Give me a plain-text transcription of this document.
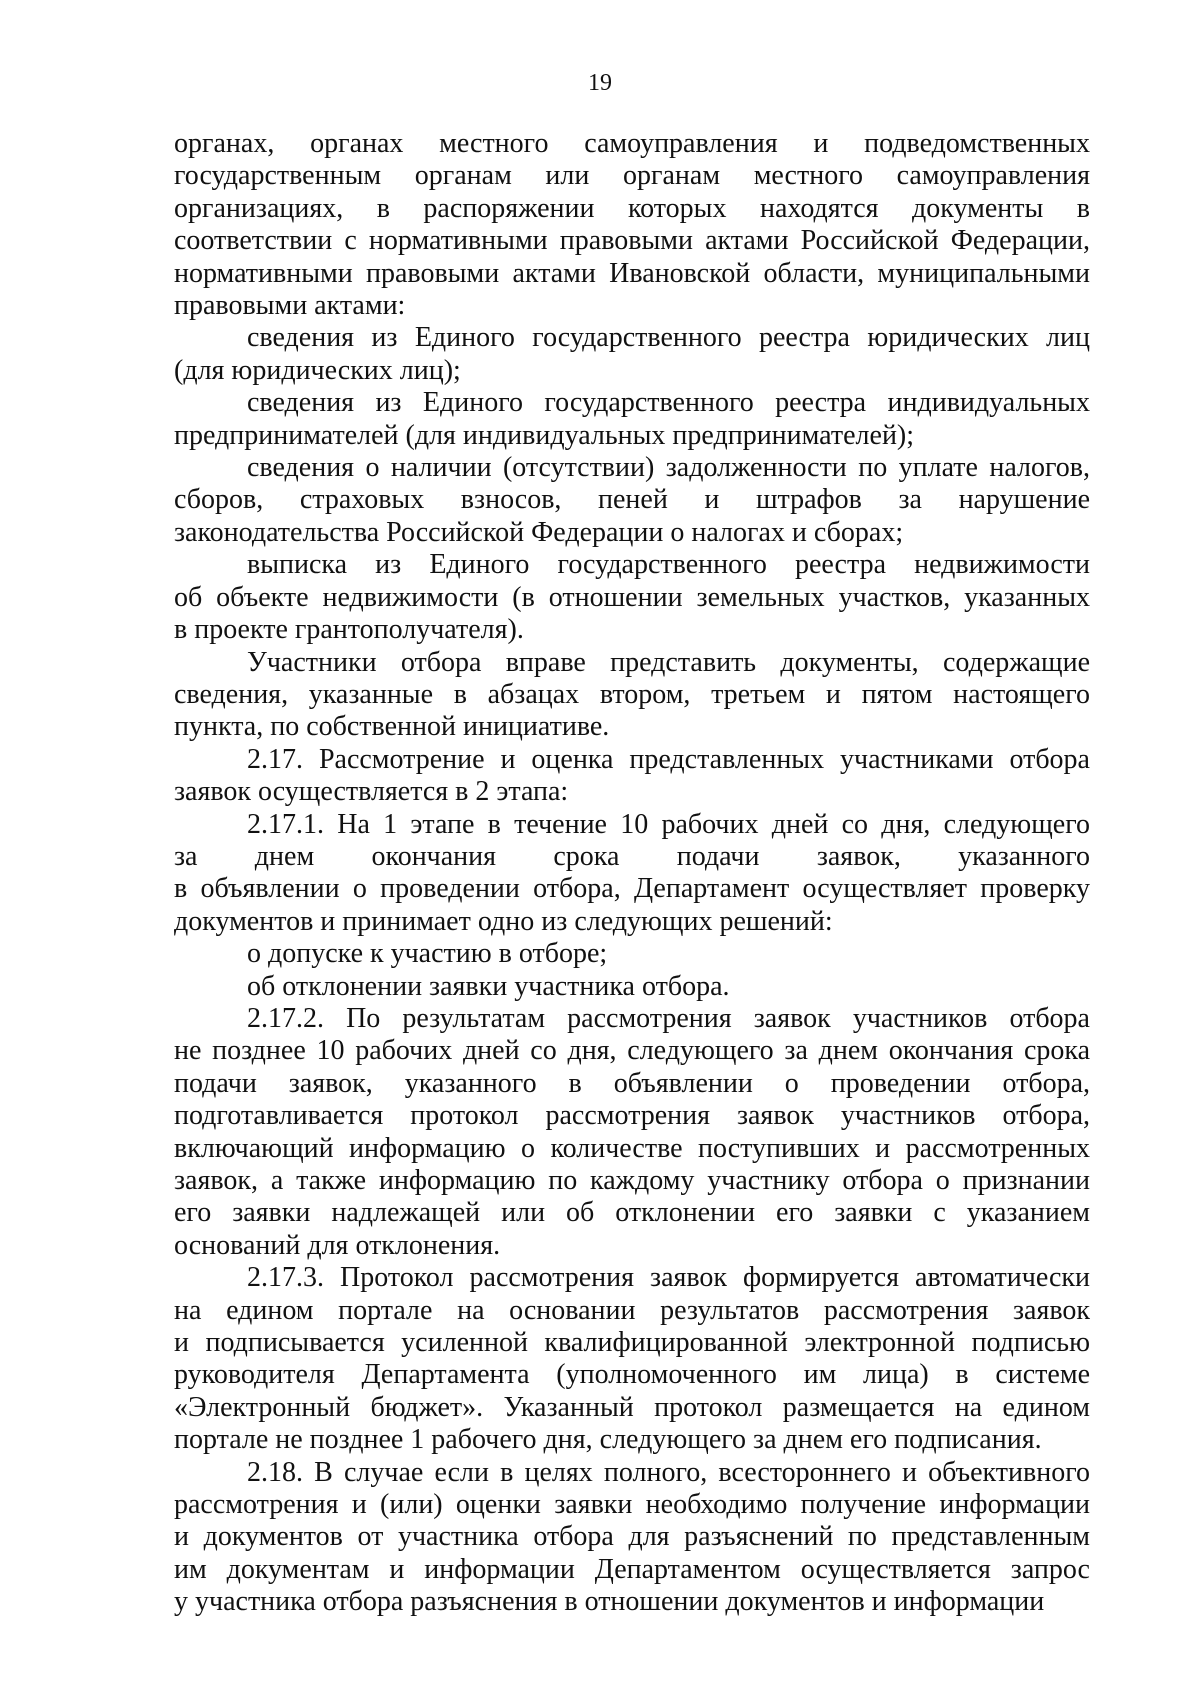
19
органах, органах местного самоуправления и подведомственных
государственным органам или органам местного самоуправления
организациях, в распоряжении которых находятся документы в
соответствии с нормативными правовыми актами Российской Федерации,
нормативными правовыми актами Ивановской области, муниципальными
правовыми актами:
сведения из Единого государственного реестра юридических лиц
(для юридических лиц);
сведения из Единого государственного реестра индивидуальных
предпринимателей (для индивидуальных предпринимателей);
сведения о наличии (отсутствии) задолженности по уплате налогов,
сборов, страховых взносов, пеней и штрафов за нарушение
законодательства Российской Федерации о налогах и сборах;
выписка из Единого государственного реестра недвижимости
об объекте недвижимости (в отношении земельных участков, указанных
в проекте грантополучателя).
Участники отбора вправе представить документы, содержащие
сведения, указанные в абзацах втором, третьем и пятом настоящего
пункта, по собственной инициативе.
2.17. Рассмотрение и оценка представленных участниками отбора
заявок осуществляется в 2 этапа:
2.17.1. На 1 этапе в течение 10 рабочих дней со дня, следующего
за днем окончания срока подачи заявок, указанного
в объявлении о проведении отбора, Департамент осуществляет проверку
документов и принимает одно из следующих решений:
о допуске к участию в отборе;
об отклонении заявки участника отбора.
2.17.2. По результатам рассмотрения заявок участников отбора
не позднее 10 рабочих дней со дня, следующего за днем окончания срока
подачи заявок, указанного в объявлении о проведении отбора,
подготавливается протокол рассмотрения заявок участников отбора,
включающий информацию о количестве поступивших и рассмотренных
заявок, а также информацию по каждому участнику отбора о признании
его заявки надлежащей или об отклонении его заявки с указанием
оснований для отклонения.
2.17.3. Протокол рассмотрения заявок формируется автоматически
на едином портале на основании результатов рассмотрения заявок
и подписывается усиленной квалифицированной электронной подписью
руководителя Департамента (уполномоченного им лица) в системе
«Электронный бюджет». Указанный протокол размещается на едином
портале не позднее 1 рабочего дня, следующего за днем его подписания.
2.18. В случае если в целях полного, всестороннего и объективного
рассмотрения и (или) оценки заявки необходимо получение информации
и документов от участника отбора для разъяснений по представленным
им документам и информации Департаментом осуществляется запрос
у участника отбора разъяснения в отношении документов и информации
